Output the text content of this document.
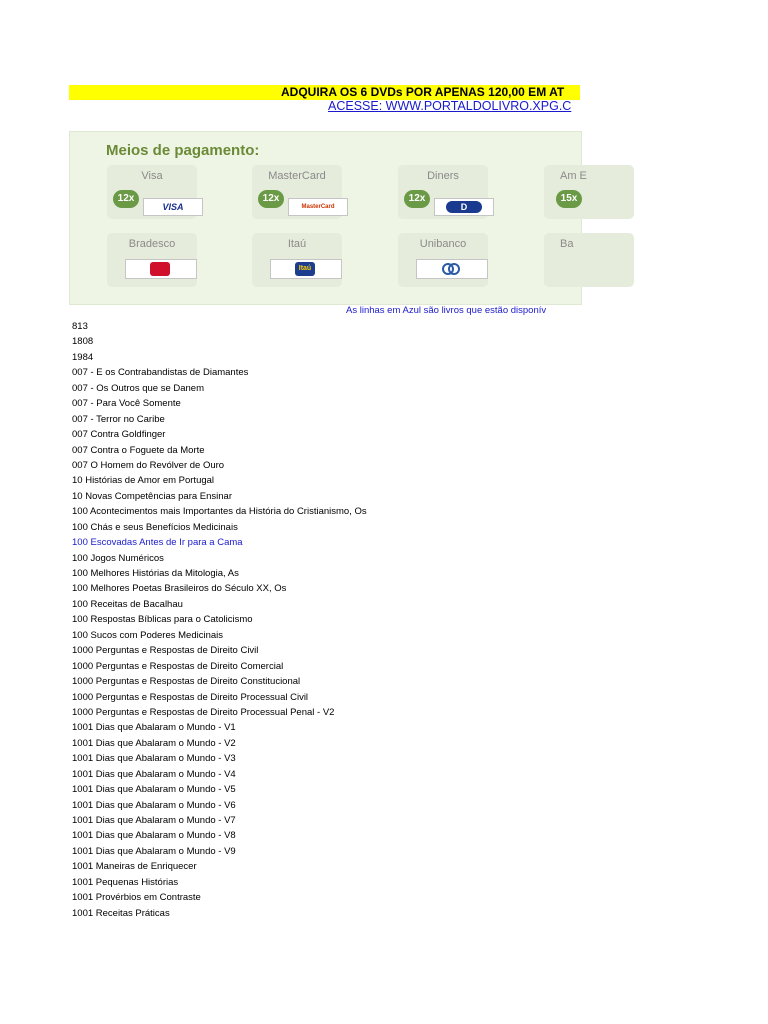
ADQUIRA OS 6 DVDs POR APENAS 120,00 EM AT
ACESSE: WWW.PORTALDOLIVRO.XPG.C
Meios de pagamento:
Visa
12x
VISA
MasterCard
12x
MasterCard
Diners
12x
D
Am E
15x
Bradesco	Itaú
Itaú
Unibanco	Ba
As linhas em Azul são livros que estão disponív
813
1808
1984
007 - E os Contrabandistas de Diamantes
007 - Os Outros que se Danem
007 - Para Você Somente
007 - Terror no Caribe
007 Contra Goldfinger
007 Contra o Foguete da Morte
007 O Homem do Revólver de Ouro
10 Histórias de Amor em Portugal
10 Novas Competências para Ensinar
100 Acontecimentos mais Importantes da História do Cristianismo, Os
100 Chás e seus Benefícios Medicinais
100 Escovadas Antes de Ir para a Cama
100 Jogos Numéricos
100 Melhores Histórias da Mitologia, As
100 Melhores Poetas Brasileiros do Século XX, Os
100 Receitas de Bacalhau
100 Respostas Bíblicas para o Catolicismo
100 Sucos com Poderes Medicinais
1000 Perguntas e Respostas de Direito Civil
1000 Perguntas e Respostas de Direito Comercial
1000 Perguntas e Respostas de Direito Constitucional
1000 Perguntas e Respostas de Direito Processual Civil
1000 Perguntas e Respostas de Direito Processual Penal - V2
1001 Dias que Abalaram o Mundo - V1
1001 Dias que Abalaram o Mundo - V2
1001 Dias que Abalaram o Mundo - V3
1001 Dias que Abalaram o Mundo - V4
1001 Dias que Abalaram o Mundo - V5
1001 Dias que Abalaram o Mundo - V6
1001 Dias que Abalaram o Mundo - V7
1001 Dias que Abalaram o Mundo - V8
1001 Dias que Abalaram o Mundo - V9
1001 Maneiras de Enriquecer
1001 Pequenas Histórias
1001 Provérbios em Contraste
1001 Receitas Práticas
